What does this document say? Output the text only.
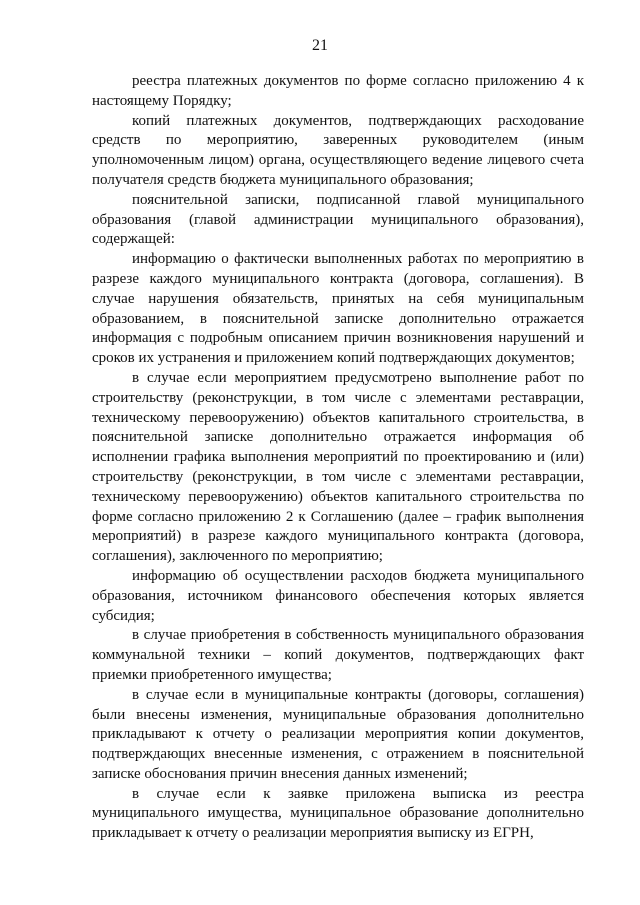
21

реестра платежных документов по форме согласно приложению 4 к настоящему Порядку;

копий платежных документов, подтверждающих расходование средств по мероприятию, заверенных руководителем (иным уполномоченным лицом) органа, осуществляющего ведение лицевого счета получателя средств бюджета муниципального образования;

пояснительной записки, подписанной главой муниципального образования (главой администрации муниципального образования), содержащей:

информацию о фактически выполненных работах по мероприятию в разрезе каждого муниципального контракта (договора, соглашения). В случае нарушения обязательств, принятых на себя муниципальным образованием, в пояснительной записке дополнительно отражается информация с подробным описанием причин возникновения нарушений и сроков их устранения и приложением копий подтверждающих документов;

в случае если мероприятием предусмотрено выполнение работ по строительству (реконструкции, в том числе с элементами реставрации, техническому перевооружению) объектов капитального строительства, в пояснительной записке дополнительно отражается информация об исполнении графика выполнения мероприятий по проектированию и (или) строительству (реконструкции, в том числе с элементами реставрации, техническому перевооружению) объектов капитального строительства по форме согласно приложению 2 к Соглашению (далее – график выполнения мероприятий) в разрезе каждого муниципального контракта (договора, соглашения), заключенного по мероприятию;

информацию об осуществлении расходов бюджета муниципального образования, источником финансового обеспечения которых является субсидия;

в случае приобретения в собственность муниципального образования коммунальной техники – копий документов, подтверждающих факт приемки приобретенного имущества;

в случае если в муниципальные контракты (договоры, соглашения) были внесены изменения, муниципальные образования дополнительно прикладывают к отчету о реализации мероприятия копии документов, подтверждающих внесенные изменения, с отражением в пояснительной записке обоснования причин внесения данных изменений;

в случае если к заявке приложена выписка из реестра муниципального имущества, муниципальное образование дополнительно прикладывает к отчету о реализации мероприятия выписку из ЕГРН,
